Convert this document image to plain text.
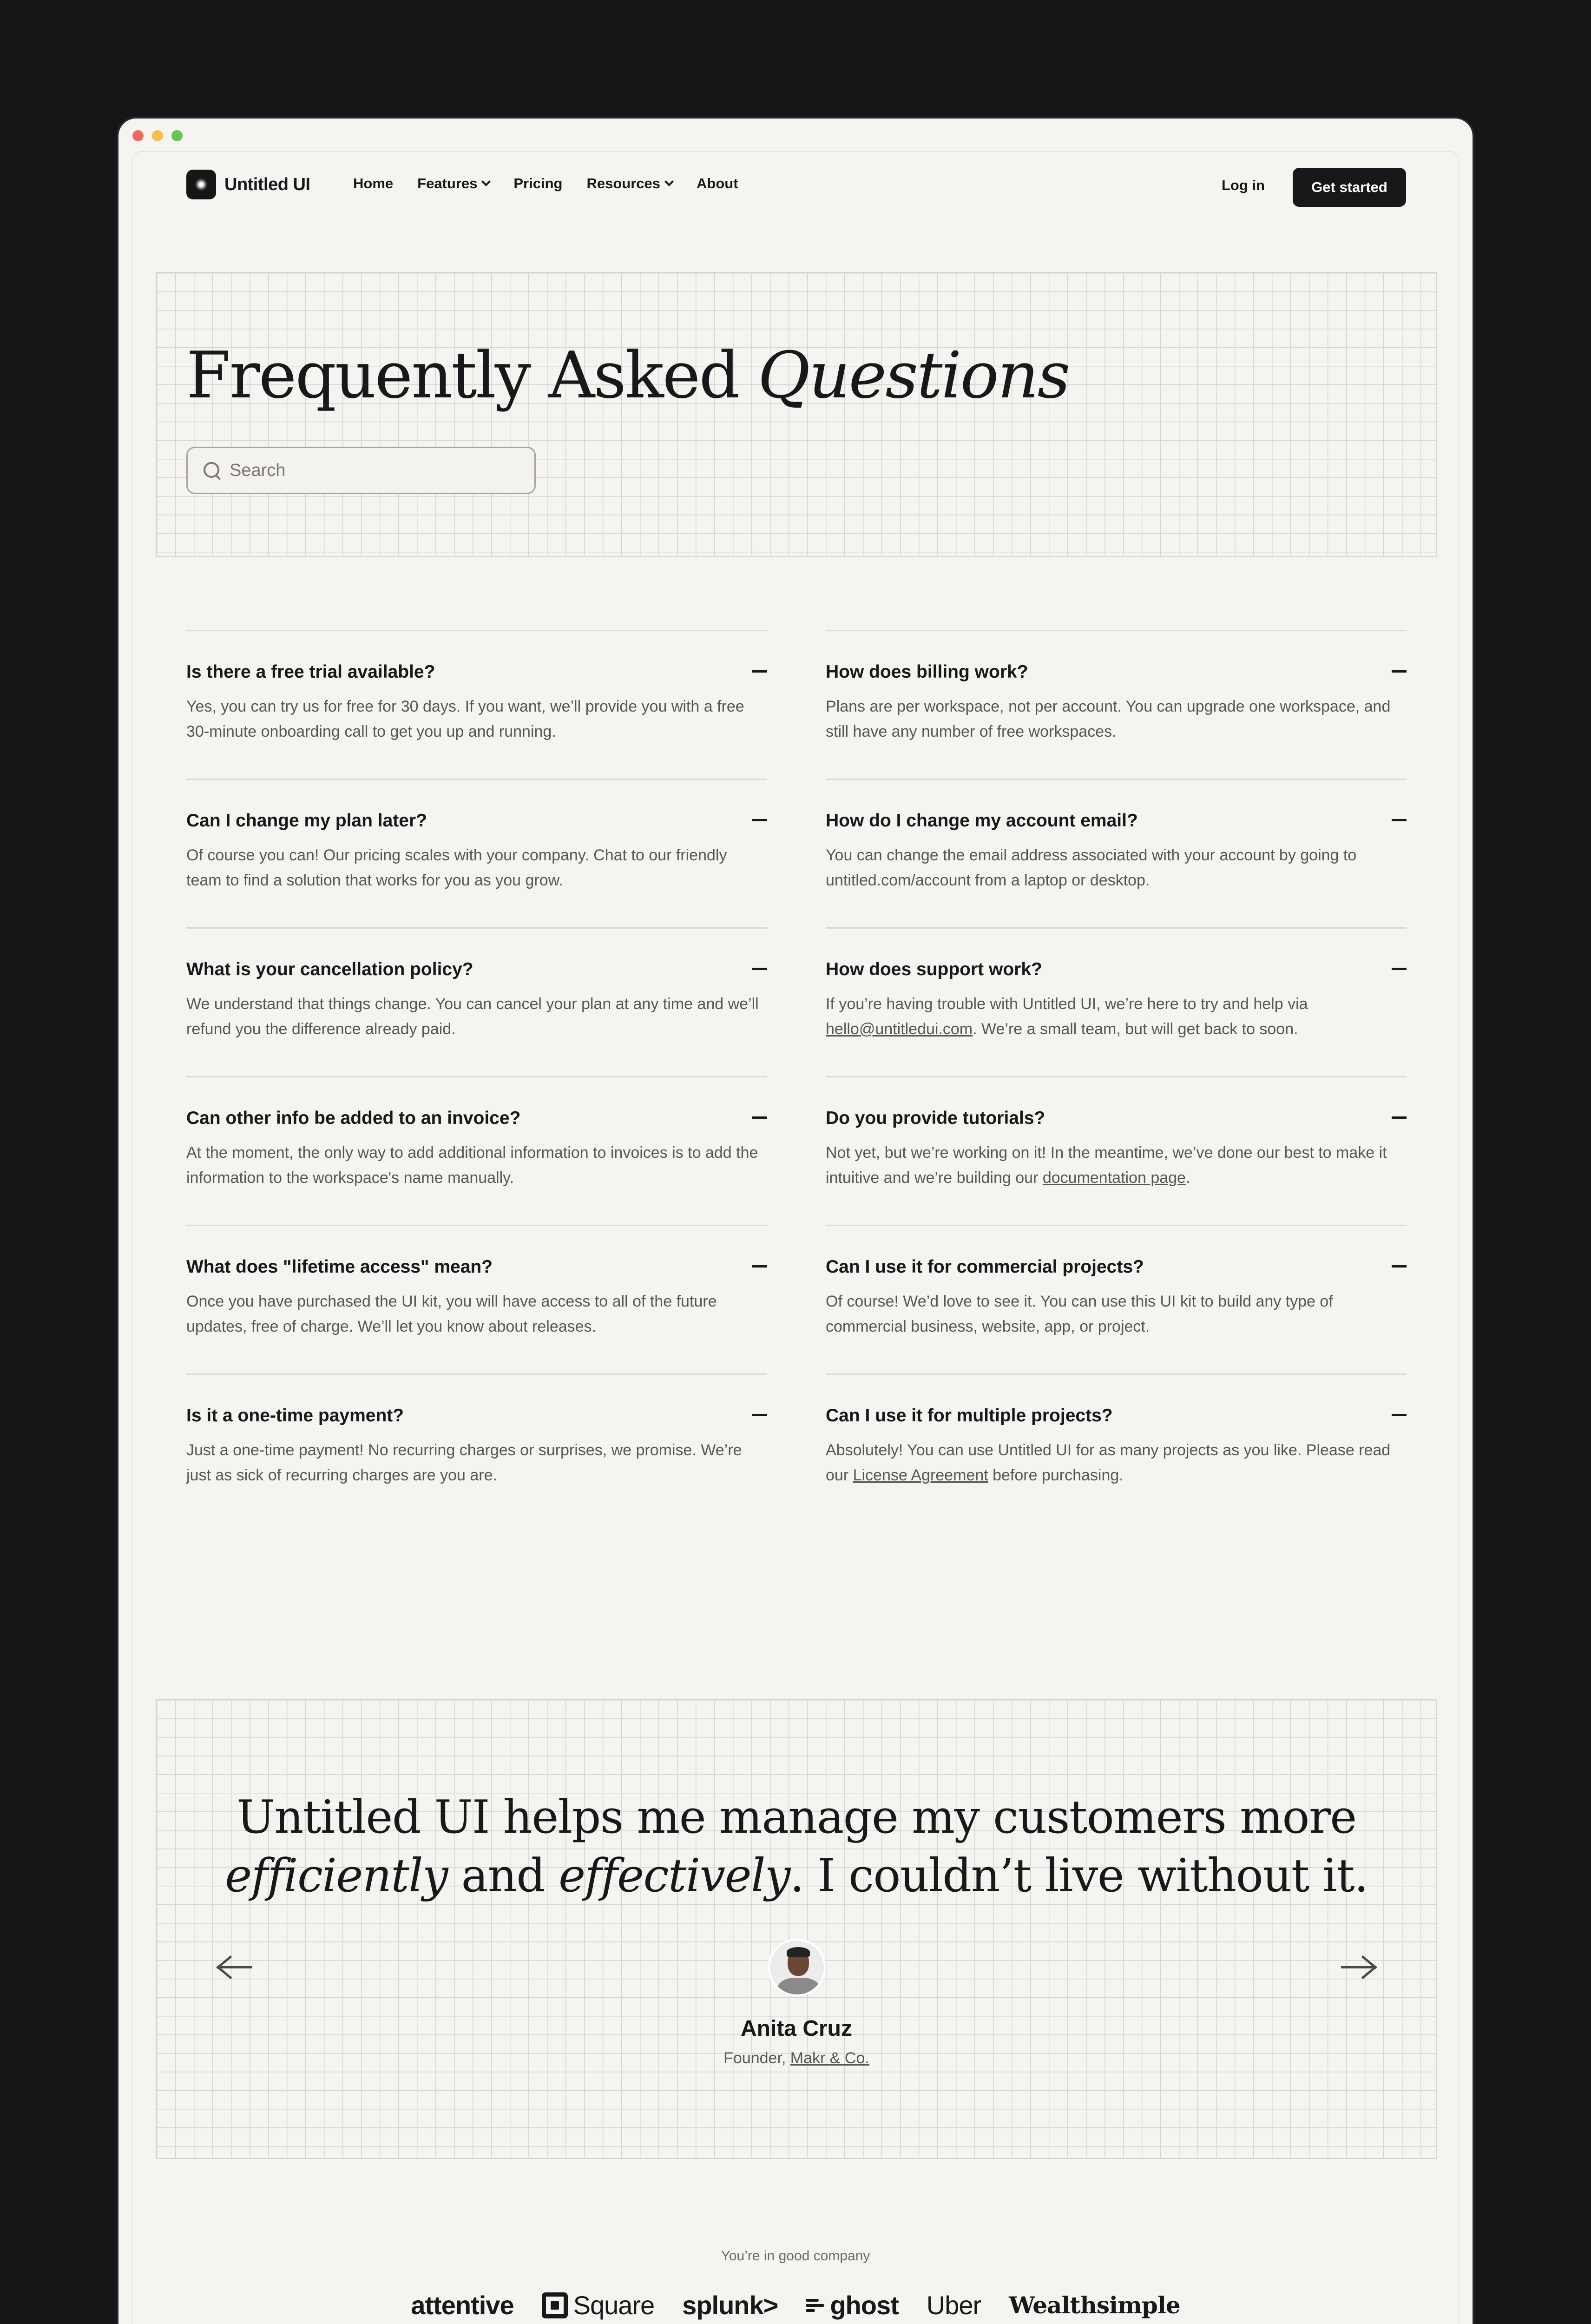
Untitled UI	Home Features	Pricing Resources	About	Log in	Get started
Frequently Asked Questions
Search
Is there a free trial available?
Yes, you can try us for free for 30 days. If you want, we’ll provide you with a free 30-minute onboarding call to get you up and running.
Can I change my plan later?
Of course you can! Our pricing scales with your company. Chat to our friendly team to find a solution that works for you as you grow.
What is your cancellation policy?
We understand that things change. You can cancel your plan at any time and we’ll refund you the difference already paid.
Can other info be added to an invoice?
At the moment, the only way to add additional information to invoices is to add the information to the workspace's name manually.
What does "lifetime access" mean?
Once you have purchased the UI kit, you will have access to all of the future updates, free of charge. We’ll let you know about releases.
Is it a one-time payment?
Just a one-time payment! No recurring charges or surprises, we promise. We’re just as sick of recurring charges are you are.
How does billing work?
Plans are per workspace, not per account. You can upgrade one workspace, and still have any number of free workspaces.
How do I change my account email?
You can change the email address associated with your account by going to untitled.com/account from a laptop or desktop.
How does support work?
If you’re having trouble with Untitled UI, we’re here to try and help via hello@untitledui.com. We’re a small team, but will get back to soon.
Do you provide tutorials?
Not yet, but we’re working on it! In the meantime, we’ve done our best to make it intuitive and we’re building our documentation page.
Can I use it for commercial projects?
Of course! We’d love to see it. You can use this UI kit to build any type of commercial business, website, app, or project.
Can I use it for multiple projects?
Absolutely! You can use Untitled UI for as many projects as you like. Please read our License Agreement before purchasing.
Untitled UI helps me manage my customers more
efficiently and effectively. I couldn’t live without it.
Anita Cruz
Founder, Makr & Co.
You’re in good company
attentive Square splunk> ghost Uber Wealthsimple
